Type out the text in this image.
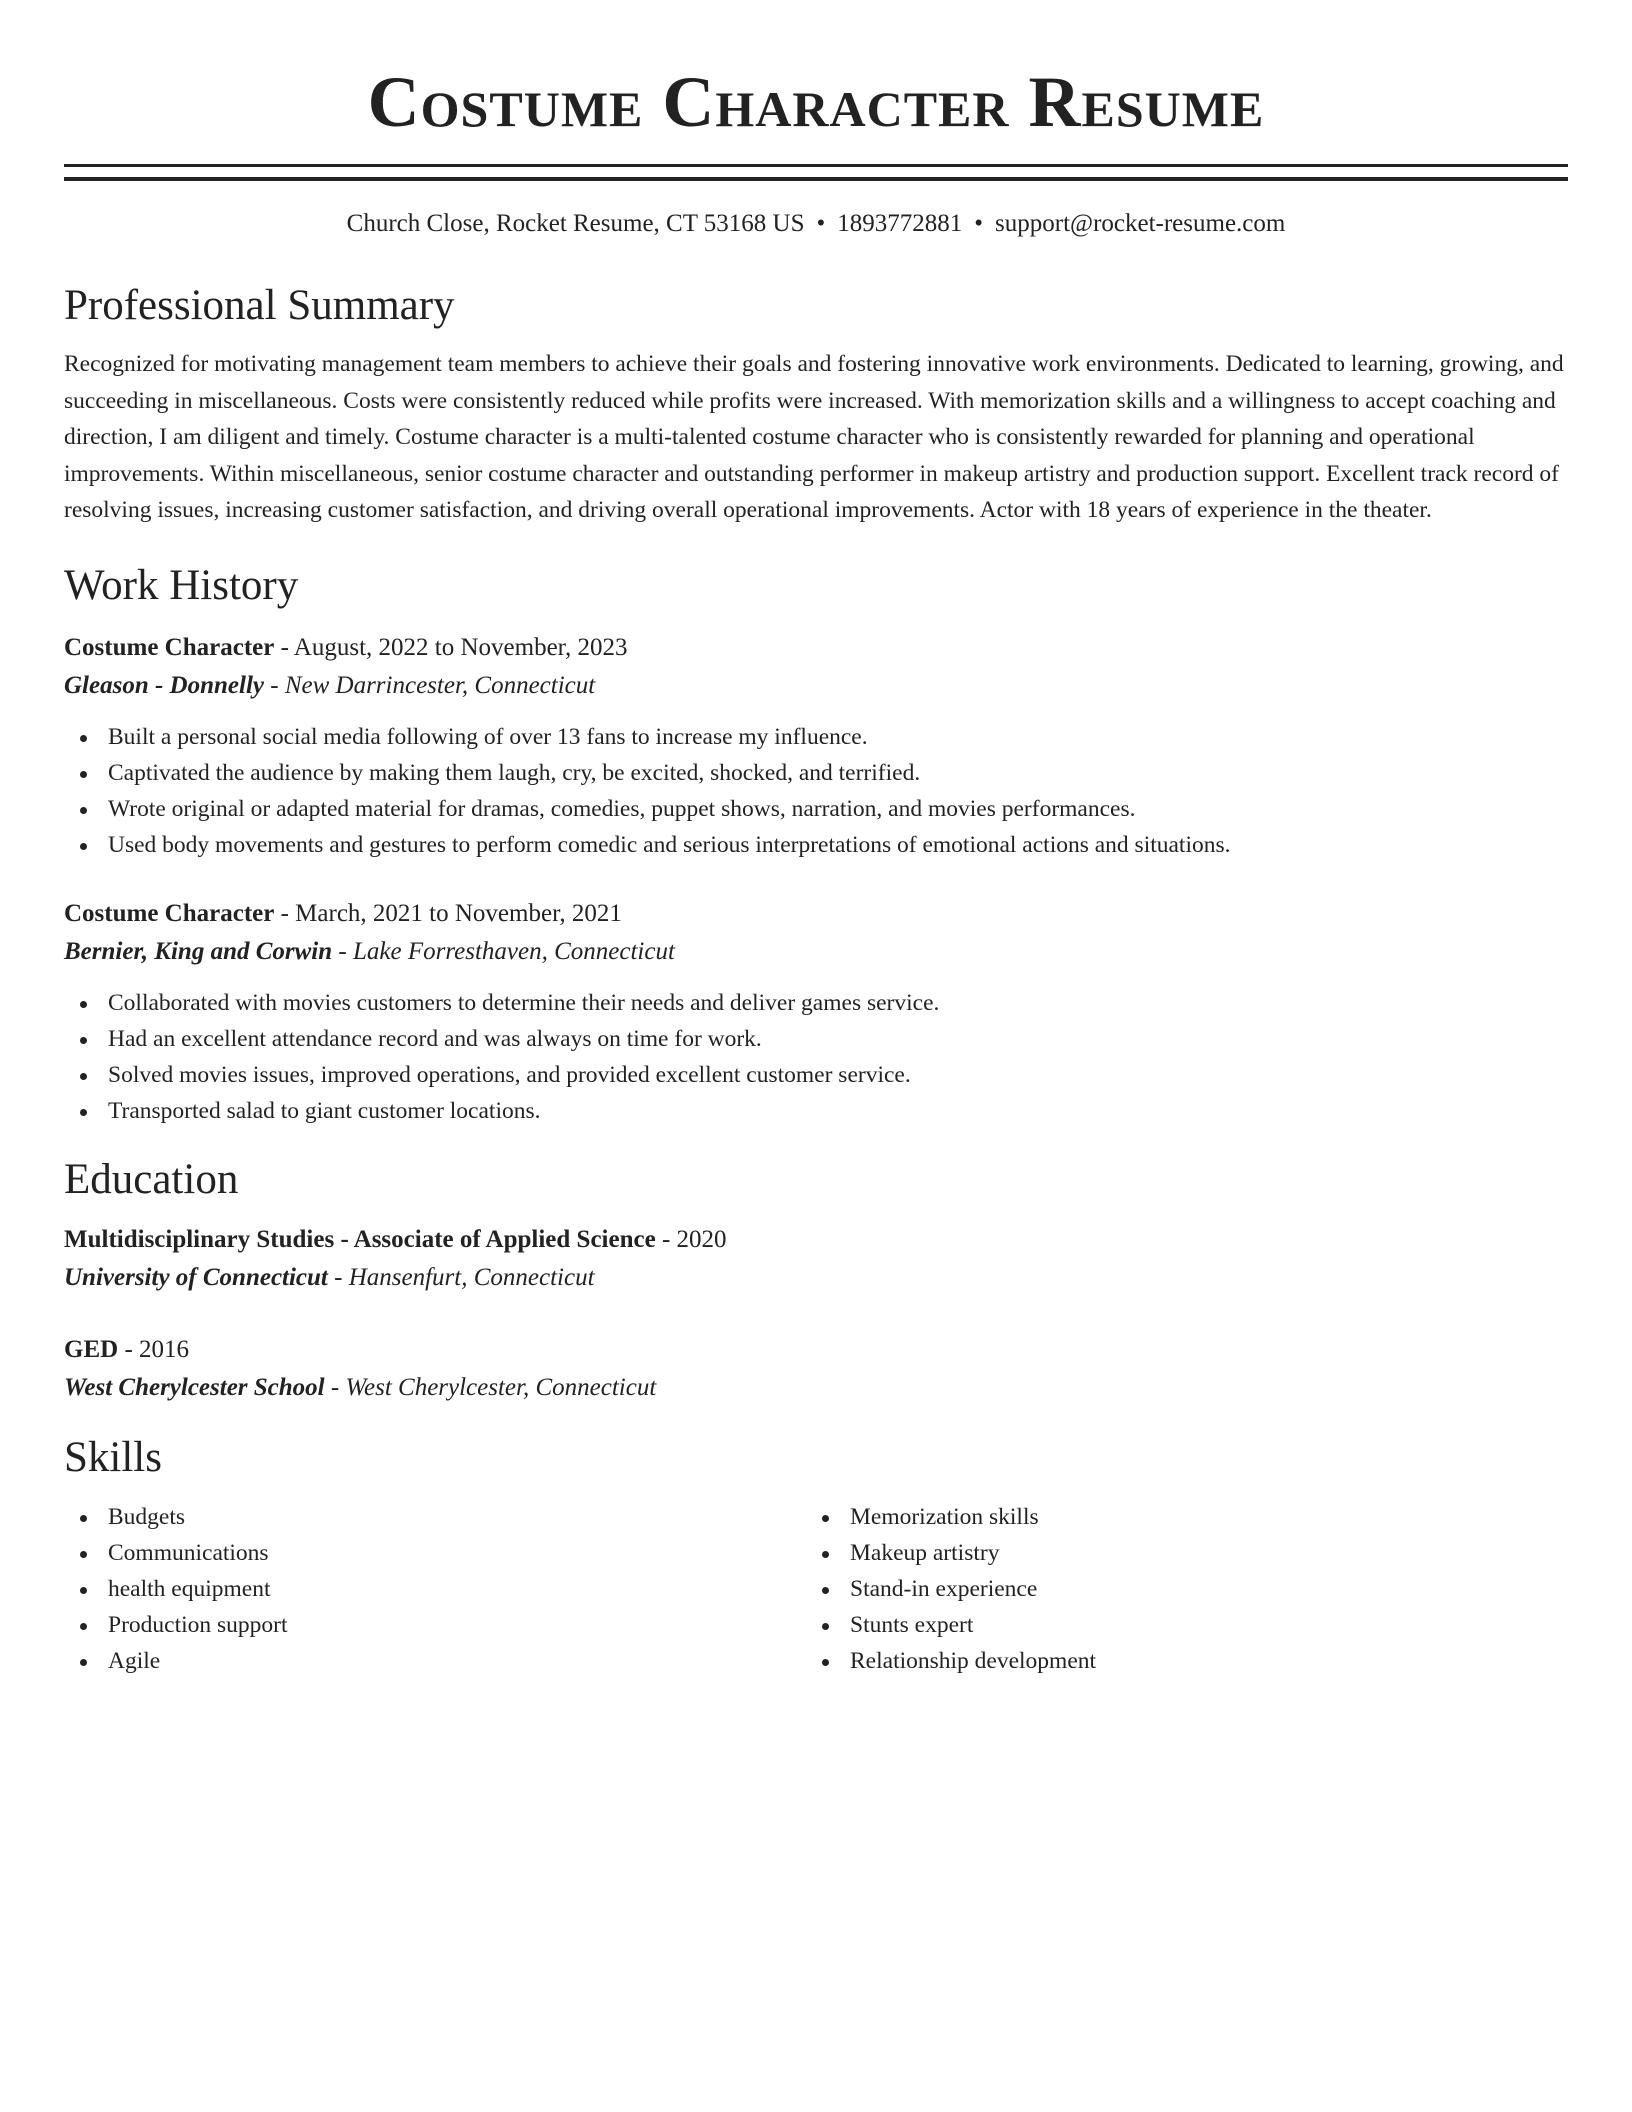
Costume Character Resume
Church Close, Rocket Resume, CT 53168 US • 1893772881 • support@rocket-resume.com
Professional Summary
Recognized for motivating management team members to achieve their goals and fostering innovative work environments. Dedicated to learning, growing, and succeeding in miscellaneous. Costs were consistently reduced while profits were increased. With memorization skills and a willingness to accept coaching and direction, I am diligent and timely. Costume character is a multi-talented costume character who is consistently rewarded for planning and operational improvements. Within miscellaneous, senior costume character and outstanding performer in makeup artistry and production support. Excellent track record of resolving issues, increasing customer satisfaction, and driving overall operational improvements. Actor with 18 years of experience in the theater.
Work History
Costume Character - August, 2022 to November, 2023
Gleason - Donnelly - New Darrincester, Connecticut
Built a personal social media following of over 13 fans to increase my influence.
Captivated the audience by making them laugh, cry, be excited, shocked, and terrified.
Wrote original or adapted material for dramas, comedies, puppet shows, narration, and movies performances.
Used body movements and gestures to perform comedic and serious interpretations of emotional actions and situations.
Costume Character - March, 2021 to November, 2021
Bernier, King and Corwin - Lake Forresthaven, Connecticut
Collaborated with movies customers to determine their needs and deliver games service.
Had an excellent attendance record and was always on time for work.
Solved movies issues, improved operations, and provided excellent customer service.
Transported salad to giant customer locations.
Education
Multidisciplinary Studies - Associate of Applied Science - 2020
University of Connecticut - Hansenfurt, Connecticut
GED - 2016
West Cherylcester School - West Cherylcester, Connecticut
Skills
Budgets
Communications
health equipment
Production support
Agile
Memorization skills
Makeup artistry
Stand-in experience
Stunts expert
Relationship development
